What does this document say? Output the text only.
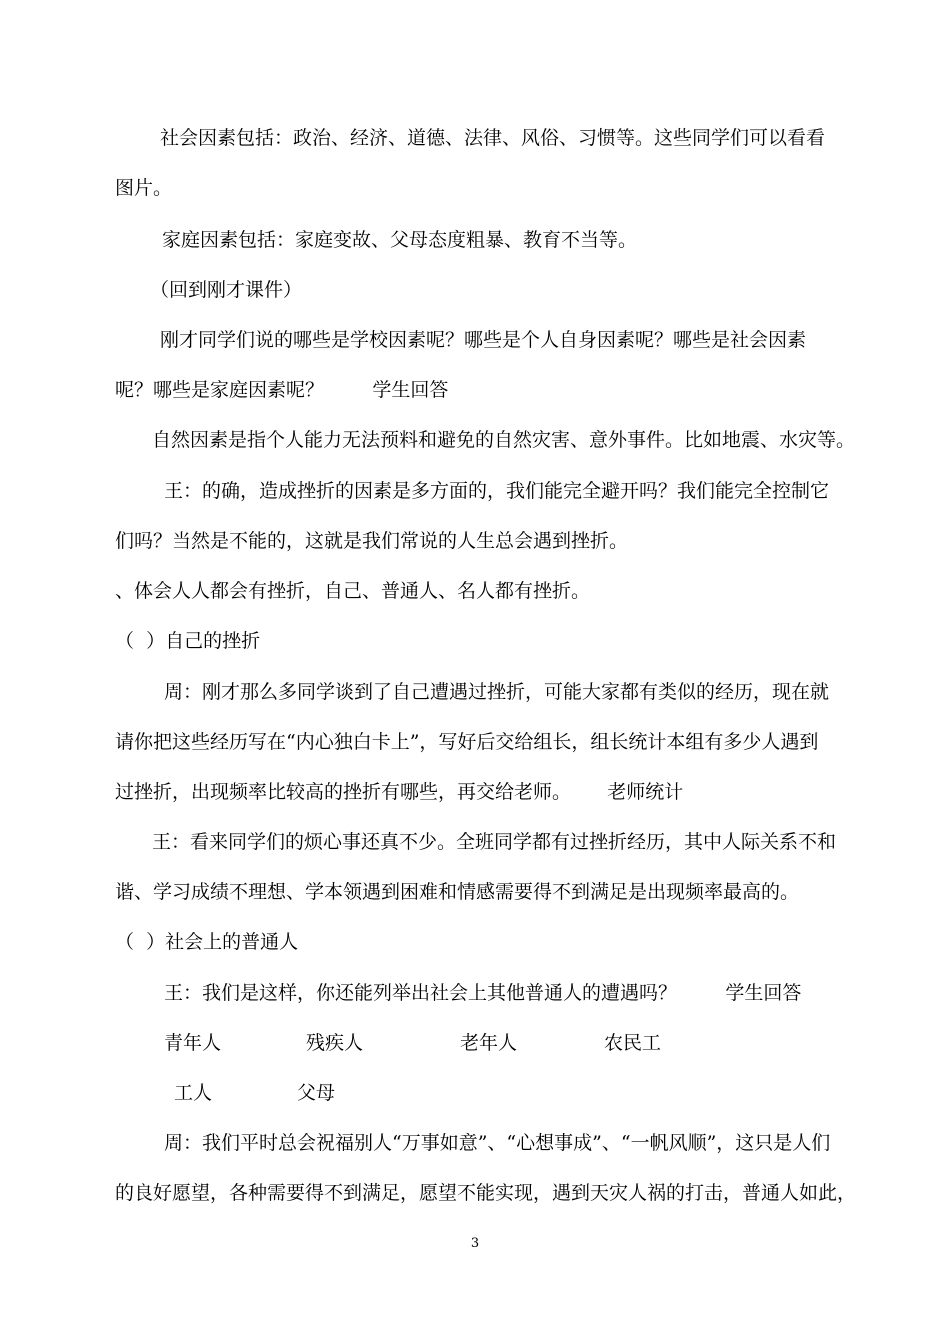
社会因素包括：政治、经济、道德、法律、风俗、习惯等。这些同学们可以看看

图片。

家庭因素包括：家庭变故、父母态度粗暴、教育不当等。

（回到刚才课件）

刚才同学们说的哪些是学校因素呢？哪些是个人自身因素呢？哪些是社会因素

呢？哪些是家庭因素呢？        学生回答

自然因素是指个人能力无法预料和避免的自然灾害、意外事件。比如地震、水灾等。

王：的确，造成挫折的因素是多方面的，我们能完全避开吗？我们能完全控制它

们吗？当然是不能的，这就是我们常说的人生总会遇到挫折。

、体会人人都会有挫折，自己、普通人、名人都有挫折。

（  ）自己的挫折

周：刚才那么多同学谈到了自己遭遇过挫折，可能大家都有类似的经历，现在就

请你把这些经历写在“内心独白卡上”，写好后交给组长，组长统计本组有多少人遇到

过挫折，出现频率比较高的挫折有哪些，再交给老师。      老师统计

王：看来同学们的烦心事还真不少。全班同学都有过挫折经历，其中人际关系不和

谐、学习成绩不理想、学本领遇到困难和情感需要得不到满足是出现频率最高的。

（  ）社会上的普通人

王：我们是这样，你还能列举出社会上其他普通人的遭遇吗？        学生回答

青年人	残疾人	老年人	农民工

工人	父母

周：我们平时总会祝福别人“万事如意”、“心想事成”、“一帆风顺”，这只是人们

的良好愿望，各种需要得不到满足，愿望不能实现，遇到天灾人祸的打击，普通人如此，

3
